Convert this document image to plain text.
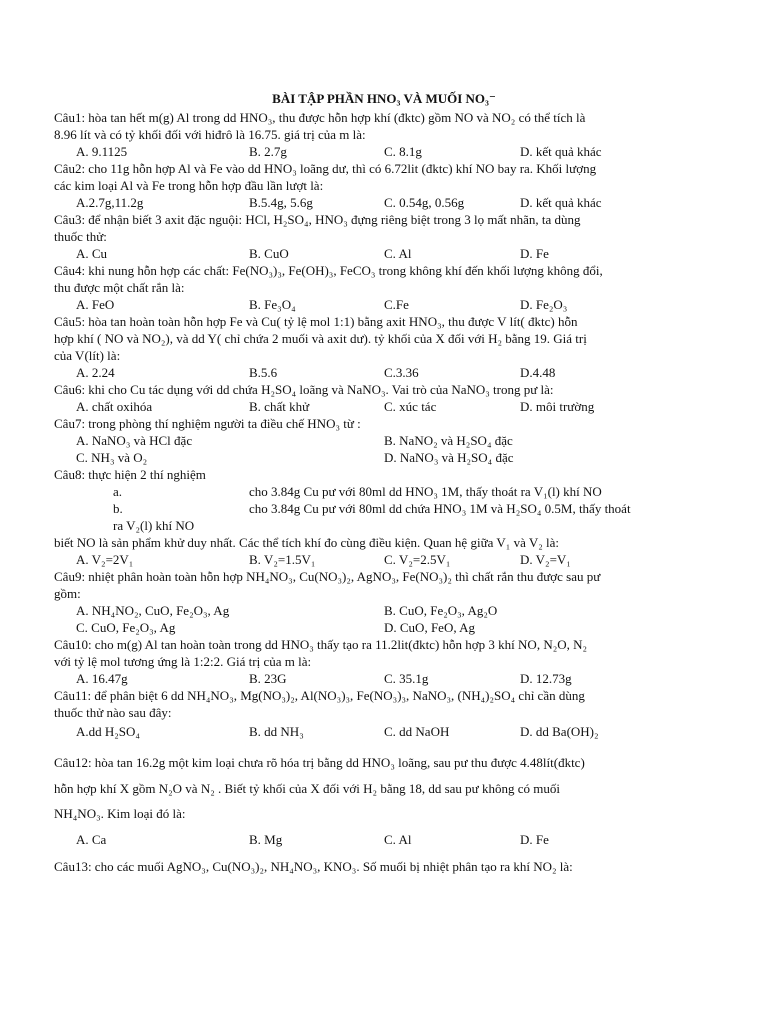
BÀI TẬP PHẦN HNO₃ VÀ MUỐI NO₃⁻
Câu1: hòa tan hết m(g) Al trong dd HNO₃, thu được hỗn hợp khí (đktc) gồm NO và NO₂ có thể tích là
8.96 lít và có tỷ khối đối với hiđrô là 16.75. giá trị của m là:
A. 9.1125	B. 2.7g	C. 8.1g	D. kết quả khác
Câu2: cho 11g hỗn hợp Al và Fe vào dd HNO₃ loãng dư, thì có 6.72lit (đktc) khí NO bay ra. Khối lượng
các kim loại Al và Fe trong hỗn hợp đầu lần lượt là:
A.2.7g,11.2g	B.5.4g, 5.6g	C. 0.54g, 0.56g	D. kết quả khác
Câu3: để nhận biết 3 axit đặc nguội: HCl, H₂SO₄, HNO₃ đựng riêng biệt trong 3 lọ mất nhãn, ta dùng
thuốc thử:
A. Cu	B. CuO	C. Al	D. Fe
Câu4: khi nung hỗn hợp các chất: Fe(NO₃)₃, Fe(OH)₃, FeCO₃ trong không khí đến khối lượng không đổi,
thu được một chất rắn là:
A. FeO	B. Fe₃O₄	C.Fe	D. Fe₂O₃
Câu5: hòa tan hoàn toàn hỗn hợp Fe và Cu( tỷ lệ mol 1:1) bằng axit HNO₃, thu được V lít( đktc) hỗn
hợp khí ( NO và NO₂), và dd Y( chỉ chứa 2 muối và axit dư). tỷ khối của X đối với H₂ bằng 19. Giá trị
của V(lít) là:
A. 2.24	B.5.6	C.3.36	D.4.48
Câu6: khi cho Cu tác dụng với dd chứa H₂SO₄ loãng và NaNO₃. Vai trò của NaNO₃ trong pư là:
A. chất oxihóa	B. chất khử	C. xúc tác	D. môi trường
Câu7: trong phòng thí nghiệm người ta điều chế HNO₃ từ :
A. NaNO₃ và HCl đặc	B. NaNO₂ và H₂SO₄ đặc
C. NH₃ và O₂	D. NaNO₃ và H₂SO₄ đặc
Câu8: thực hiện 2 thí nghiệm
a.	cho 3.84g Cu pư với 80ml dd HNO₃ 1M, thấy thoát ra V₁(l) khí NO
b.	cho 3.84g Cu pư với 80ml dd chứa HNO₃ 1M và H₂SO₄ 0.5M, thấy thoát
ra V₂(l) khí NO
biết NO là sản phẩm khử duy nhất. Các thể tích khí đo cùng điều kiện. Quan hệ giữa V₁ và V₂ là:
A. V₂=2V₁	B. V₂=1.5V₁	C. V₂=2.5V₁	D. V₂=V₁
Câu9: nhiệt phân hoàn toàn hỗn hợp NH₄NO₃, Cu(NO₃)₂, AgNO₃, Fe(NO₃)₂ thì chất rắn thu được sau pư
gồm:
A. NH₄NO₂, CuO, Fe₂O₃, Ag	B. CuO, Fe₂O₃, Ag₂O
C. CuO, Fe₂O₃, Ag	D. CuO, FeO, Ag
Câu10: cho m(g) Al tan hoàn toàn trong dd HNO₃ thấy tạo ra 11.2lit(đktc) hỗn hợp 3 khí NO, N₂O, N₂
với tỷ lệ mol tương ứng là 1:2:2. Giá trị của m là:
A. 16.47g	B. 23G	C. 35.1g	D. 12.73g
Câu11: để phân biệt 6 dd NH₄NO₃, Mg(NO₃)₂, Al(NO₃)₃, Fe(NO₃)₃, NaNO₃, (NH₄)₂SO₄ chỉ cần dùng
thuốc thử nào sau đây:
A.dd H₂SO₄	B. dd NH₃	C. dd NaOH	D. dd Ba(OH)₂
Câu12: hòa tan 16.2g một kim loại chưa rõ hóa trị bằng dd HNO₃ loãng, sau pư thu được 4.48lít(đktc)
hỗn hợp khí X gồm N₂O và N₂ . Biết tỷ khối của X đối với H₂ bằng 18, dd sau pư không có muối
NH₄NO₃. Kim loại đó là:
A. Ca	B. Mg	C. Al	D. Fe
Câu13: cho các muối AgNO₃, Cu(NO₃)₂, NH₄NO₃, KNO₃. Số muối bị nhiệt phân tạo ra khí NO₂ là:
